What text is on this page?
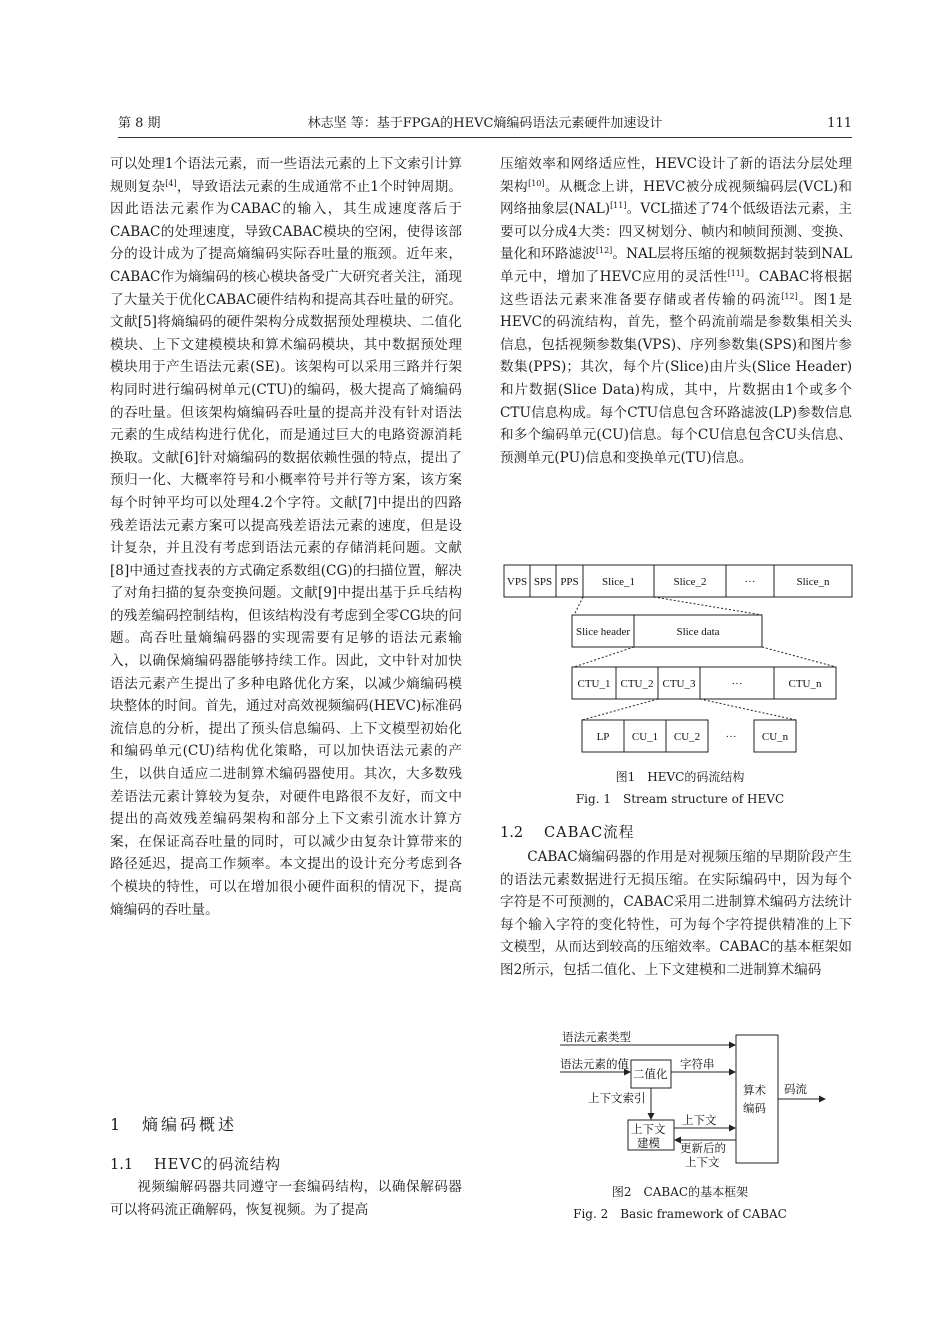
第 8 期	林志坚 等：基于FPGA的HEVC熵编码语法元素硬件加速设计	111

可以处理1个语法元素，而一些语法元素的上下文索引计算规则复杂[4]，导致语法元素的生成通常不止1个时钟周期。因此语法元素作为CABAC的输入，其生成速度落后于CABAC的处理速度，导致CABAC模块的空闲，使得该部分的设计成为了提高熵编码实际吞吐量的瓶颈。近年来，CABAC作为熵编码的核心模块备受广大研究者关注，涌现了大量关于优化CABAC硬件结构和提高其吞吐量的研究。文献[5]将熵编码的硬件架构分成数据预处理模块、二值化模块、上下文建模模块和算术编码模块，其中数据预处理模块用于产生语法元素(SE)。该架构可以采用三路并行架构同时进行编码树单元(CTU)的编码，极大提高了熵编码的吞吐量。但该架构熵编码吞吐量的提高并没有针对语法元素的生成结构进行优化，而是通过巨大的电路资源消耗换取。文献[6]针对熵编码的数据依赖性强的特点，提出了预归一化、大概率符号和小概率符号并行等方案，该方案每个时钟平均可以处理4.2个字符。文献[7]中提出的四路残差语法元素方案可以提高残差语法元素的速度，但是设计复杂，并且没有考虑到语法元素的存储消耗问题。文献[8]中通过查找表的方式确定系数组(CG)的扫描位置，解决了对角扫描的复杂变换问题。文献[9]中提出基于乒乓结构的残差编码控制结构，但该结构没有考虑到全零CG块的问题。高吞吐量熵编码器的实现需要有足够的语法元素输入，以确保熵编码器能够持续工作。因此，文中针对加快语法元素产生提出了多种电路优化方案，以减少熵编码模块整体的时间。首先，通过对高效视频编码(HEVC)标准码流信息的分析，提出了预头信息编码、上下文模型初始化和编码单元(CU)结构优化策略，可以加快语法元素的产生，以供自适应二进制算术编码器使用。其次，大多数残差语法元素计算较为复杂，对硬件电路很不友好，而文中提出的高效残差编码架构和部分上下文索引流水计算方案，在保证高吞吐量的同时，可以减少由复杂计算带来的路径延迟，提高工作频率。本文提出的设计充分考虑到各个模块的特性，可以在增加很小硬件面积的情况下，提高熵编码的吞吐量。

1 熵编码概述
1.1 HEVC的码流结构

视频编解码器共同遵守一套编码结构，以确保解码器可以将码流正确解码，恢复视频。为了提高

压缩效率和网络适应性，HEVC设计了新的语法分层处理架构[10]。从概念上讲，HEVC被分成视频编码层(VCL)和网络抽象层(NAL)[11]。VCL描述了74个低级语法元素，主要可以分成4大类：四叉树划分、帧内和帧间预测、变换、量化和环路滤波[12]。NAL层将压缩的视频数据封装到NAL单元中，增加了HEVC应用的灵活性[11]。CABAC将根据这些语法元素来准备要存储或者传输的码流[12]。图1是HEVC的码流结构，首先，整个码流前端是参数集相关头信息，包括视频参数集(VPS)、序列参数集(SPS)和图片参数集(PPS)；其次，每个片(Slice)由片头(Slice Header)和片数据(Slice Data)构成，其中，片数据由1个或多个CTU信息构成。每个CTU信息包含环路滤波(LP)参数信息和多个编码单元(CU)信息。每个CU信息包含CU头信息、预测单元(PU)信息和变换单元(TU)信息。

VPS SPS PPS Slice_1	Slice_2	···	Slice_n
Slice header	Slice data
CTU_1 CTU_2 CTU_3	···	CTU_n
LP CU_1 CU_2 ··· CU_n
图1　HEVC的码流结构
Fig. 1　Stream structure of HEVC
1.2 CABAC流程

CABAC熵编码器的作用是对视频压缩的早期阶段产生的语法元素数据进行无损压缩。在实际编码中，因为每个字符是不可预测的，CABAC采用二进制算术编码方法统计每个输入字符的变化特性，可为每个字符提供精准的上下文模型，从而达到较高的压缩效率。CABAC的基本框架如图2所示，包括二值化、上下文建模和二进制算术编码

语法元素类型
语法元素的值
二值化
字符串
算术
编码
码流
上下文索引
上下文
建模
上下文
更新后的
上下文
图2　CABAC的基本框架
Fig. 2　Basic framework of CABAC
